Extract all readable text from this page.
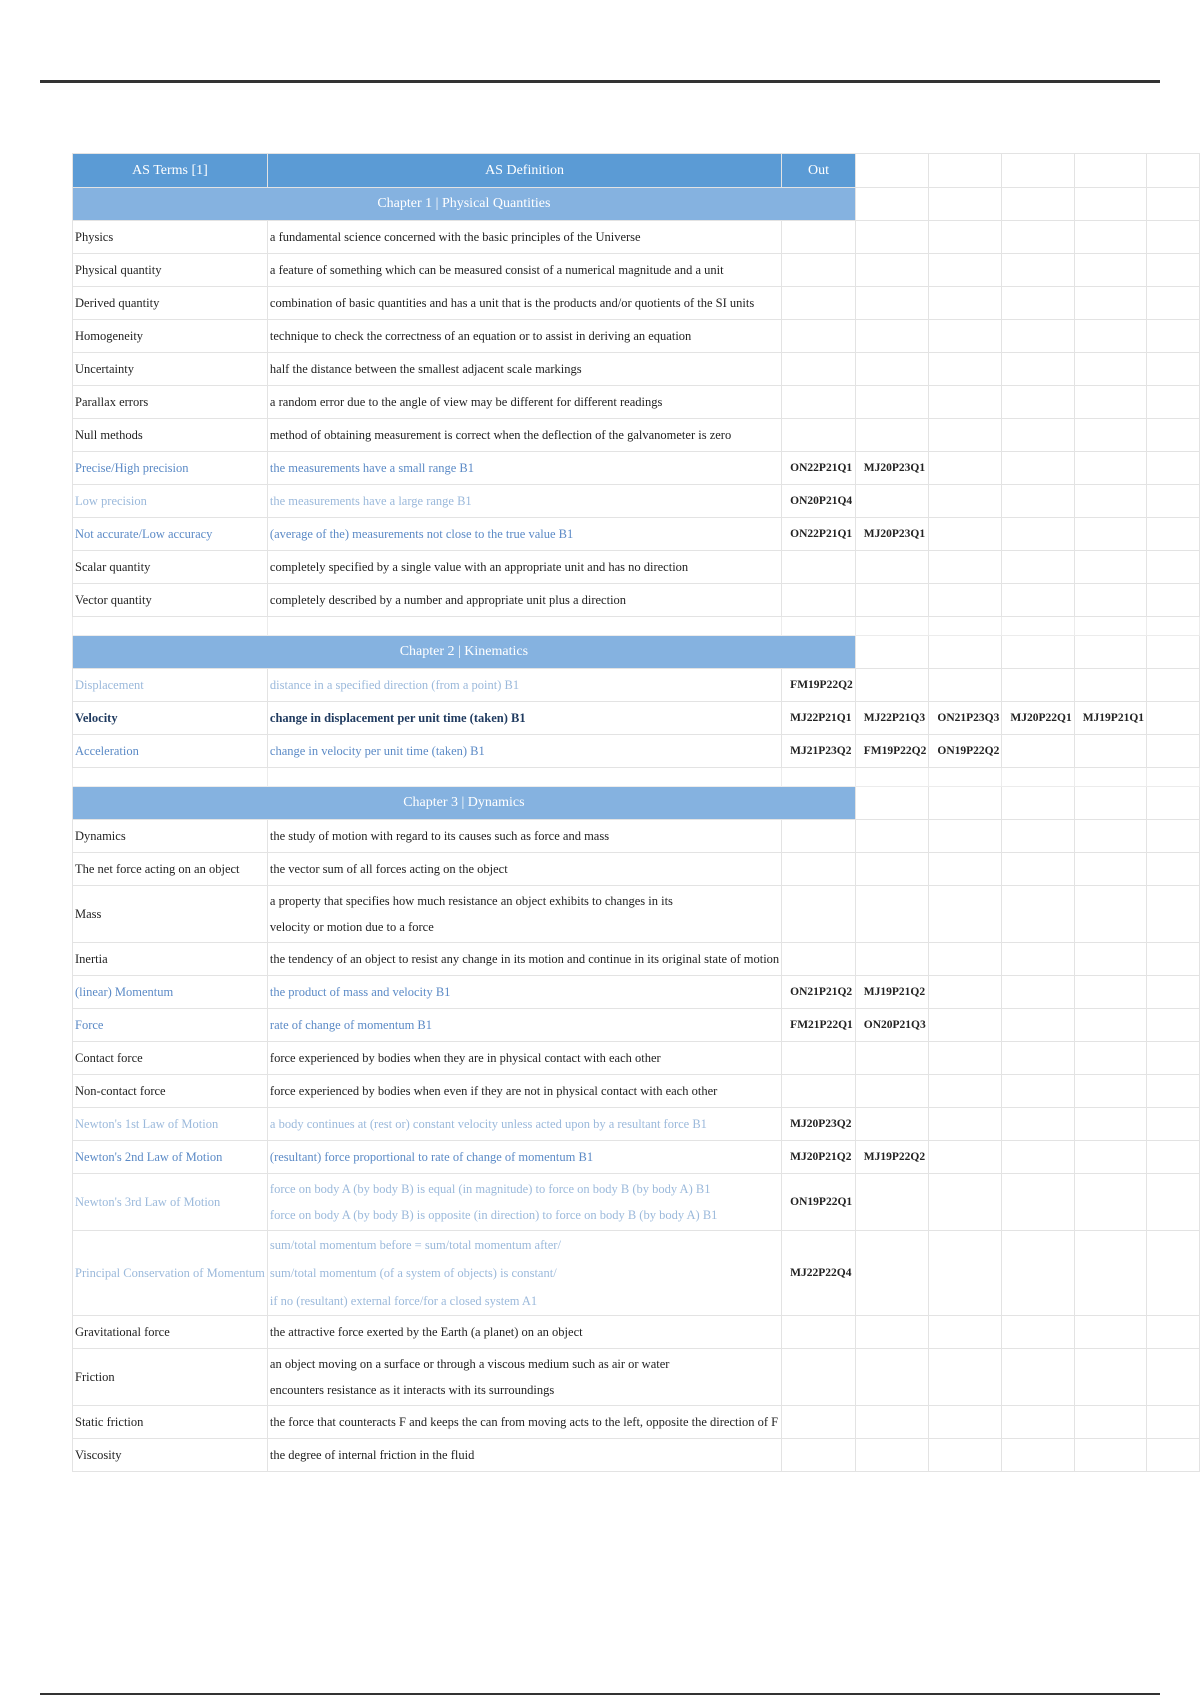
AS Terms [1]	AS Definition	Out					
Chapter 1 | Physical Quantities							
Physics	a fundamental science concerned with the basic principles of the Universe						

Physical quantity	a feature of something which can be measured consist of a numerical magnitude and a unit						

Derived quantity	combination of basic quantities and has a unit that is the products and/or quotients of the SI units						

Homogeneity	technique to check the correctness of an equation or to assist in deriving an equation						

Uncertainty	half the distance between the smallest adjacent scale markings						

Parallax errors	a random error due to the angle of view may be different for different readings						

Null methods	method of obtaining measurement is correct when the deflection of the galvanometer is zero						

Precise/High precision	the measurements have a small range B1	ON22P21Q1	MJ20P23Q1				
Low precision	the measurements have a large range B1	ON20P21Q4					
Not accurate/Low accuracy	(average of the) measurements not close to the true value B1	ON22P21Q1	MJ20P23Q1				
Scalar quantity	completely specified by a single value with an appropriate unit and has no direction						

Vector quantity	completely described by a number and appropriate unit plus a direction						

Chapter 2 | Kinematics							
Displacement	distance in a specified direction (from a point) B1	FM19P22Q2					
Velocity	change in displacement per unit time (taken) B1	MJ22P21Q1	MJ22P21Q3	ON21P23Q3	MJ20P22Q1	MJ19P21Q1	
Acceleration	change in velocity per unit time (taken) B1	MJ21P23Q2	FM19P22Q2	ON19P22Q2			

Chapter 3 | Dynamics							
Dynamics	the study of motion with regard to its causes such as force and mass						

The net force acting on an object	the vector sum of all forces acting on the object						

Mass	a property that specifies how much resistance an object exhibits to changes in its
velocity or motion due to a force						

Inertia	the tendency of an object to resist any change in its motion and continue in its original state of motion						

(linear) Momentum	the product of mass and velocity B1	ON21P21Q2	MJ19P21Q2				
Force	rate of change of momentum B1	FM21P22Q1	ON20P21Q3				
Contact force	force experienced by bodies when they are in physical contact with each other						

Non-contact force	force experienced by bodies when even if they are not in physical contact with each other						

Newton's 1st Law of Motion	a body continues at (rest or) constant velocity unless acted upon by a resultant force B1	MJ20P23Q2					
Newton's 2nd Law of Motion	(resultant) force proportional to rate of change of momentum B1	MJ20P21Q2	MJ19P22Q2				
Newton's 3rd Law of Motion	force on body A (by body B) is equal (in magnitude) to force on body B (by body A) B1
force on body A (by body B) is opposite (in direction) to force on body B (by body A) B1	ON19P22Q1					
Principal Conservation of Momentum	sum/total momentum before = sum/total momentum after/
sum/total momentum (of a system of objects) is constant/
if no (resultant) external force/for a closed system A1	MJ22P22Q4					
Gravitational force	the attractive force exerted by the Earth (a planet) on an object						

Friction	an object moving on a surface or through a viscous medium such as air or water
encounters resistance as it interacts with its surroundings						

Static friction	the force that counteracts F and keeps the can from moving acts to the left, opposite the direction of F						

Viscosity	the degree of internal friction in the fluid						
